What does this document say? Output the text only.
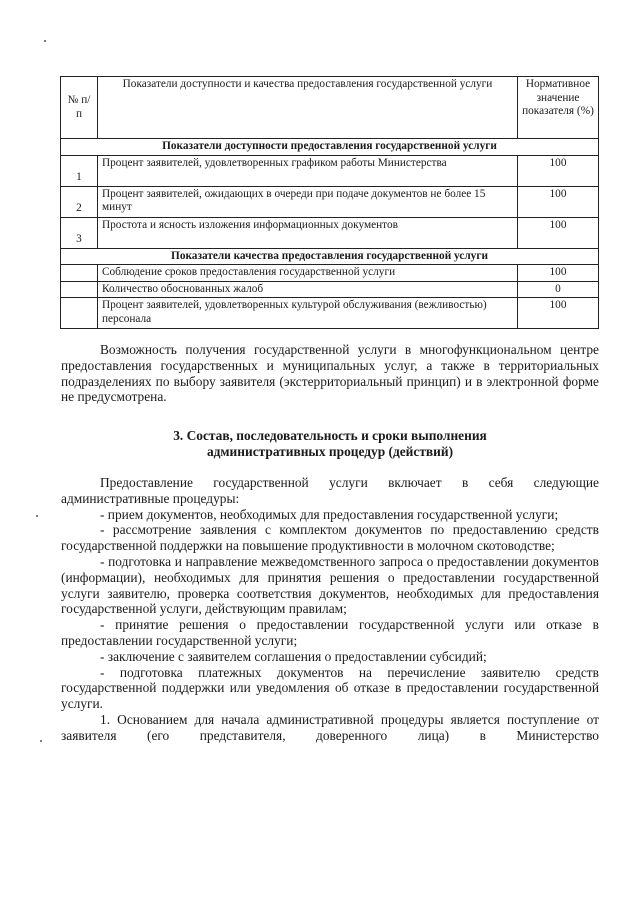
№ п/п	Показатели доступности и качества предоставления государственной услуги	Нормативное значение показателя (%)
Показатели доступности предоставления государственной услуги		
1	Процент заявителей, удовлетворенных графиком работы Министерства	100
2	Процент заявителей, ожидающих в очереди при подаче документов не более 15 минут	100
3	Простота и ясность изложения информационных документов	100
Показатели качества предоставления государственной услуги		
	Соблюдение сроков предоставления государственной услуги	100
	Количество обоснованных жалоб	0
	Процент заявителей, удовлетворенных культурой обслуживания (вежливостью) персонала	100

Возможность получения государственной услуги в многофункциональном центре предоставления государственных и муниципальных услуг, а также в территориальных подразделениях по выбору заявителя (экстерриториальный принцип) и в электронной форме не предусмотрена.

3. Состав, последовательность и сроки выполнения
административных процедур (действий)

Предоставление государственной услуги включает в себя следующие административные процедуры:

- прием документов, необходимых для предоставления государственной услуги;

- рассмотрение заявления с комплектом документов по предоставлению средств государственной поддержки на повышение продуктивности в молочном скотоводстве;

- подготовка и направление межведомственного запроса о предоставлении документов (информации), необходимых для принятия решения о предоставлении государственной услуги заявителю, проверка соответствия документов, необходимых для предоставления государственной услуги, действующим правилам;

- принятие решения о предоставлении государственной услуги или отказе в предоставлении государственной услуги;

- заключение с заявителем соглашения о предоставлении субсидий;

- подготовка платежных документов на перечисление заявителю средств государственной поддержки или уведомления об отказе в предоставлении государственной услуги.

1. Основанием для начала административной процедуры является поступление от заявителя (его представителя, доверенного лица) в Министерство
